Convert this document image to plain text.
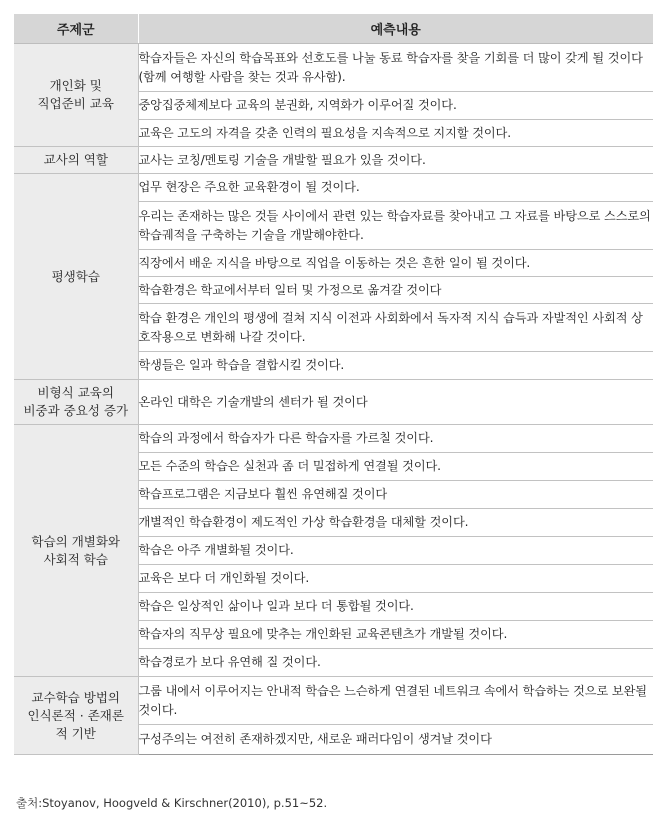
주제군	예측내용
개인화 및
직업준비 교육	학습자들은 자신의 학습목표와 선호도를 나눌 동료 학습자를 찾을 기회를 더 많이 갖게 될 것이다(함께 여행할 사람을 찾는 것과 유사함).
	중앙집중체제보다 교육의 분권화, 지역화가 이루어질 것이다.
	교육은 고도의 자격을 갖춘 인력의 필요성을 지속적으로 지지할 것이다.
교사의 역할	교사는 코칭/멘토링 기술을 개발할 필요가 있을 것이다.
평생학습	업무 현장은 주요한 교육환경이 될 것이다.
	우리는 존재하는 많은 것들 사이에서 관련 있는 학습자료를 찾아내고 그 자료를 바탕으로 스스로의 학습궤적을 구축하는 기술을 개발해야한다.
	직장에서 배운 지식을 바탕으로 직업을 이동하는 것은 흔한 일이 될 것이다.
	학습환경은 학교에서부터 일터 및 가정으로 옮겨갈 것이다
	학습 환경은 개인의 평생에 걸쳐 지식 이전과 사회화에서 독자적 지식 습득과 자발적인 사회적 상호작용으로 변화해 나갈 것이다.
	학생들은 일과 학습을 결합시킬 것이다.
비형식 교육의
비중과 중요성 증가	온라인 대학은 기술개발의 센터가 될 것이다
학습의 개별화와
사회적 학습	학습의 과정에서 학습자가 다른 학습자를 가르칠 것이다.
	모든 수준의 학습은 실천과 좀 더 밀접하게 연결될 것이다.
	학습프로그램은 지금보다 훨씬 유연해질 것이다
	개별적인 학습환경이 제도적인 가상 학습환경을 대체할 것이다.
	학습은 아주 개별화될 것이다.
	교육은 보다 더 개인화될 것이다.
	학습은 일상적인 삶이나 일과 보다 더 통합될 것이다.
	학습자의 직무상 필요에 맞추는 개인화된 교육콘텐츠가 개발될 것이다.
	학습경로가 보다 유연해 질 것이다.
교수학습 방법의
인식론적 · 존재론
적 기반	그룹 내에서 이루어지는 안내적 학습은 느슨하게 연결된 네트워크 속에서 학습하는 것으로 보완될 것이다.
	구성주의는 여전히 존재하겠지만, 새로운 패러다임이 생겨날 것이다
출처:Stoyanov, Hoogveld & Kirschner(2010), p.51~52.
